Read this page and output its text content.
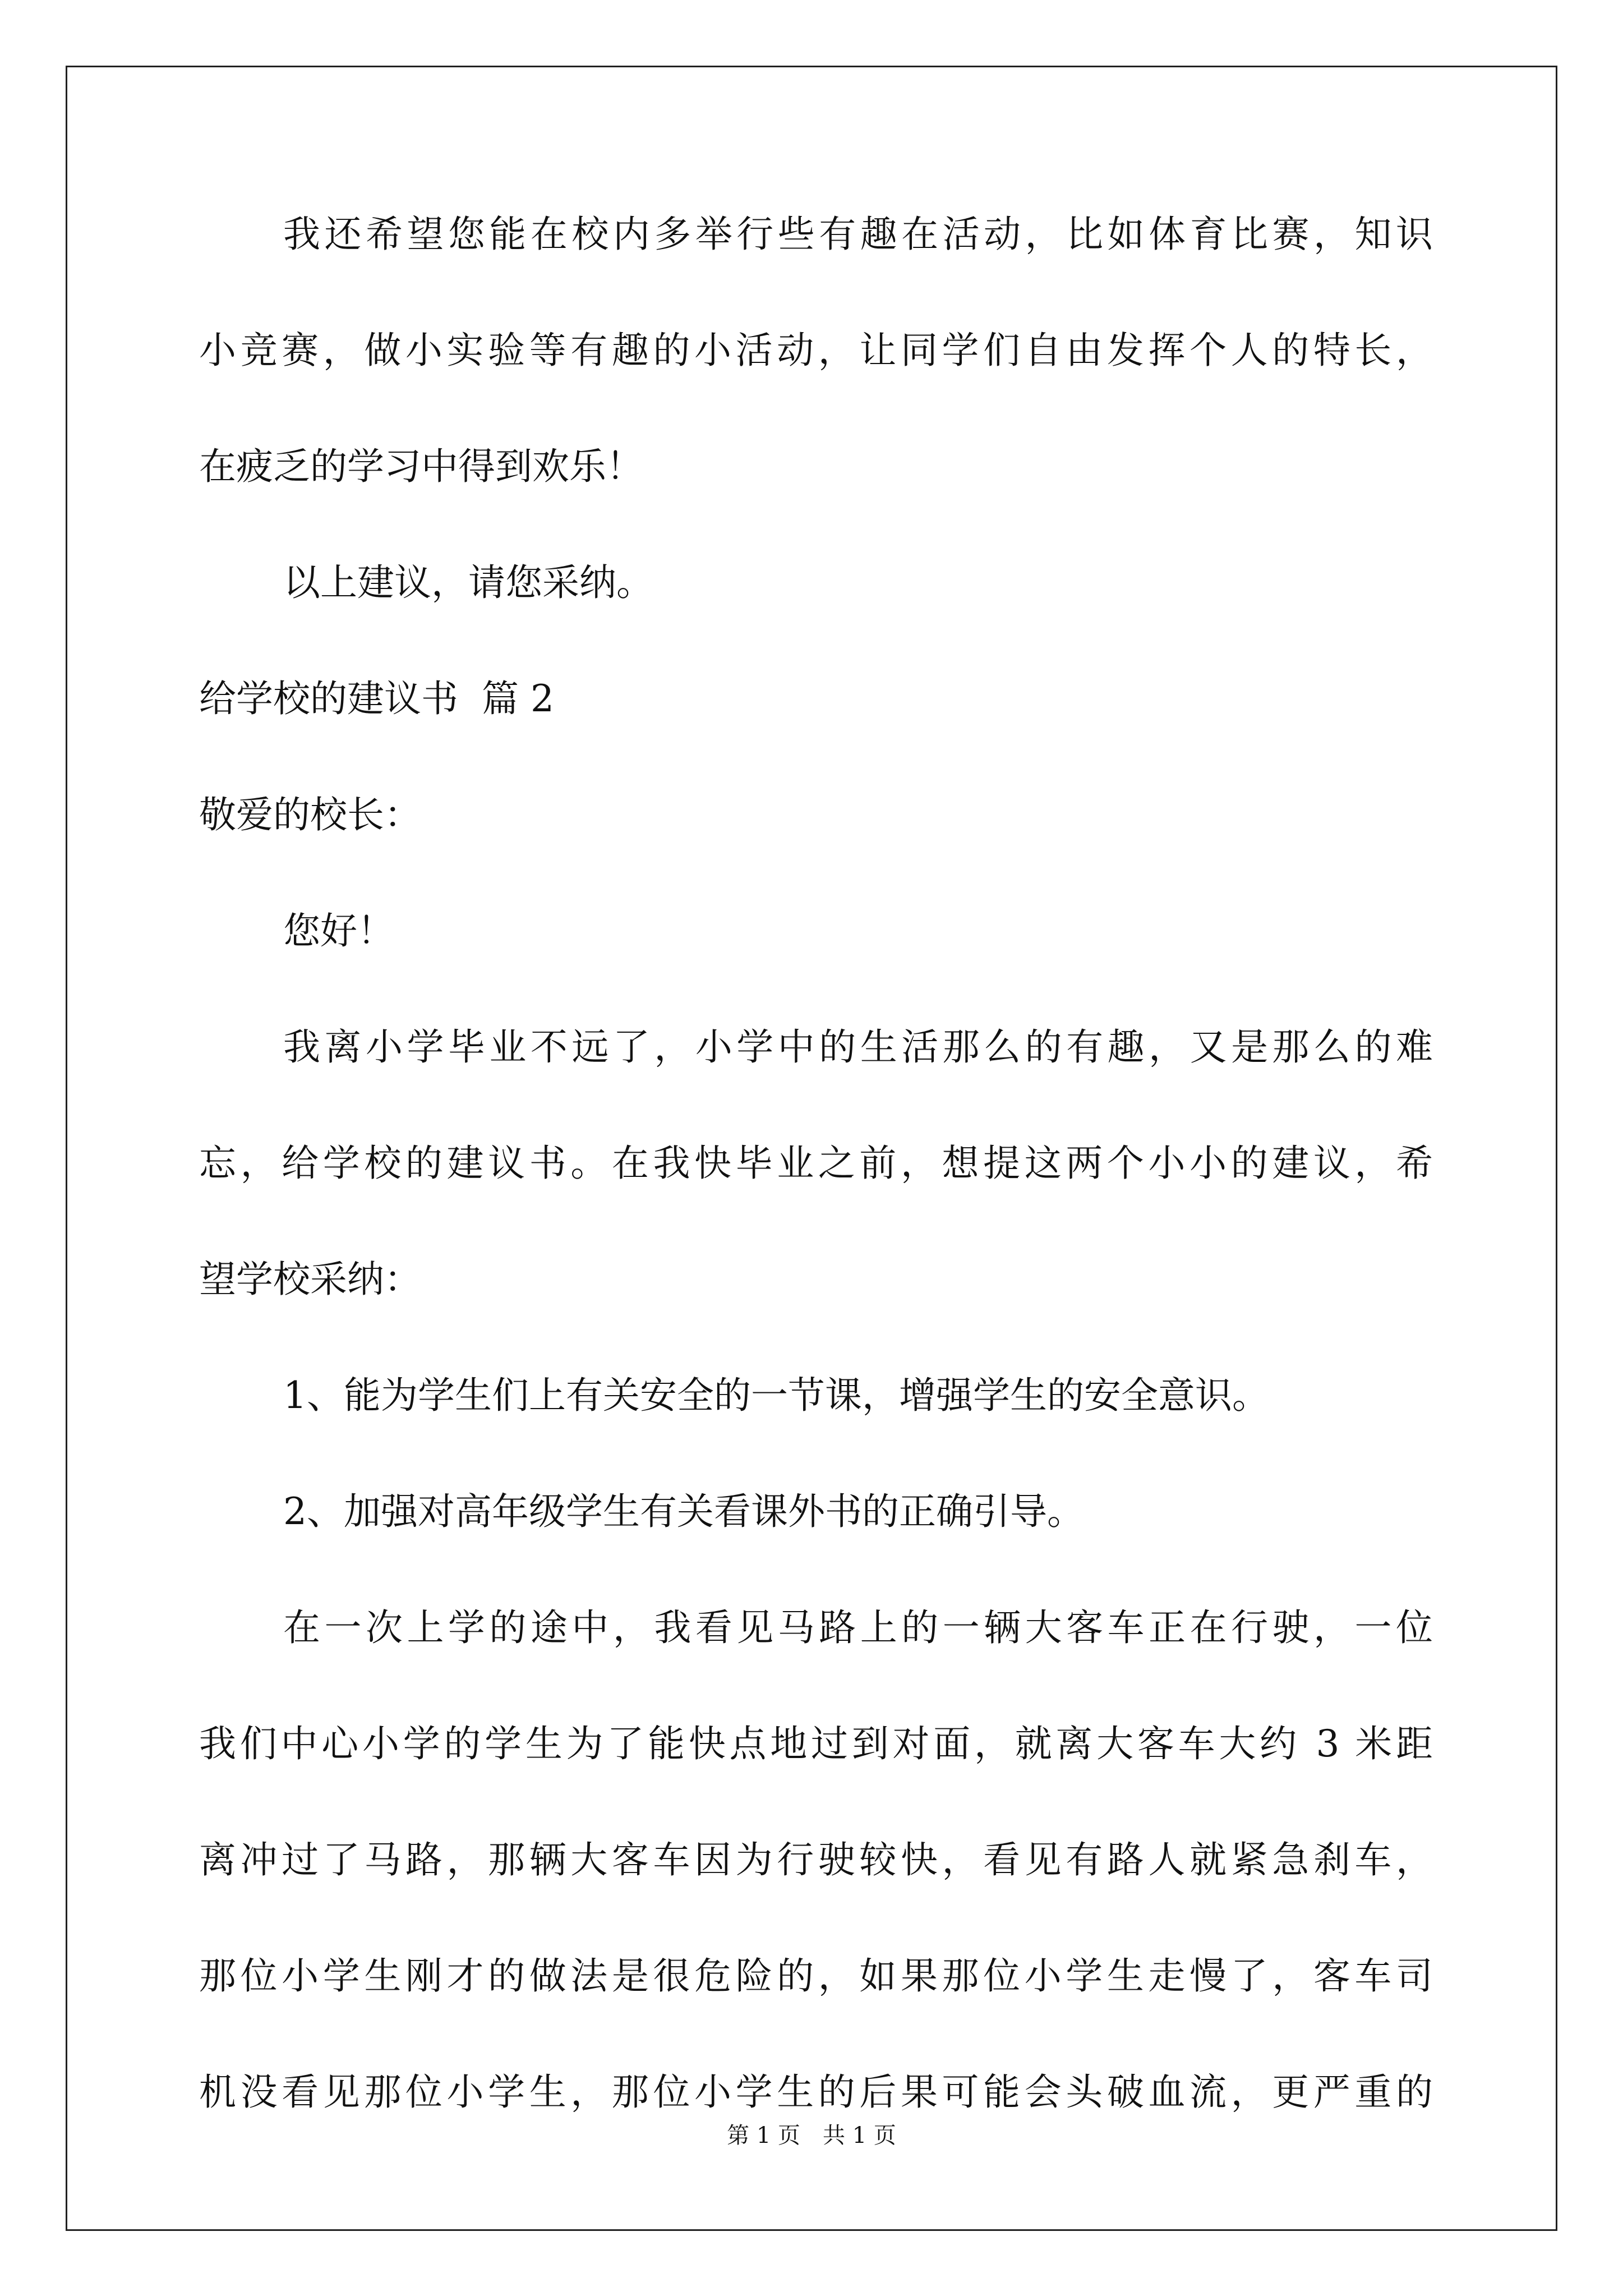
我还希望您能在校内多举行些有趣在活动，比如体育比赛，知识
小竞赛，做小实验等有趣的小活动，让同学们自由发挥个人的特长，
在疲乏的学习中得到欢乐！
以上建议，请您采纳。
给学校的建议书  篇 2
敬爱的校长：
您好！
我离小学毕业不远了，小学中的生活那么的有趣，又是那么的难
忘，给学校的建议书。在我快毕业之前，想提这两个小小的建议，希
望学校采纳：
1、能为学生们上有关安全的一节课，增强学生的安全意识。
2、加强对高年级学生有关看课外书的正确引导。
在一次上学的途中，我看见马路上的一辆大客车正在行驶，一位
我们中心小学的学生为了能快点地过到对面，就离大客车大约 3 米距
离冲过了马路，那辆大客车因为行驶较快，看见有路人就紧急刹车，
那位小学生刚才的做法是很危险的，如果那位小学生走慢了，客车司
机没看见那位小学生，那位小学生的后果可能会头破血流，更严重的
第 1 页 共 1 页
